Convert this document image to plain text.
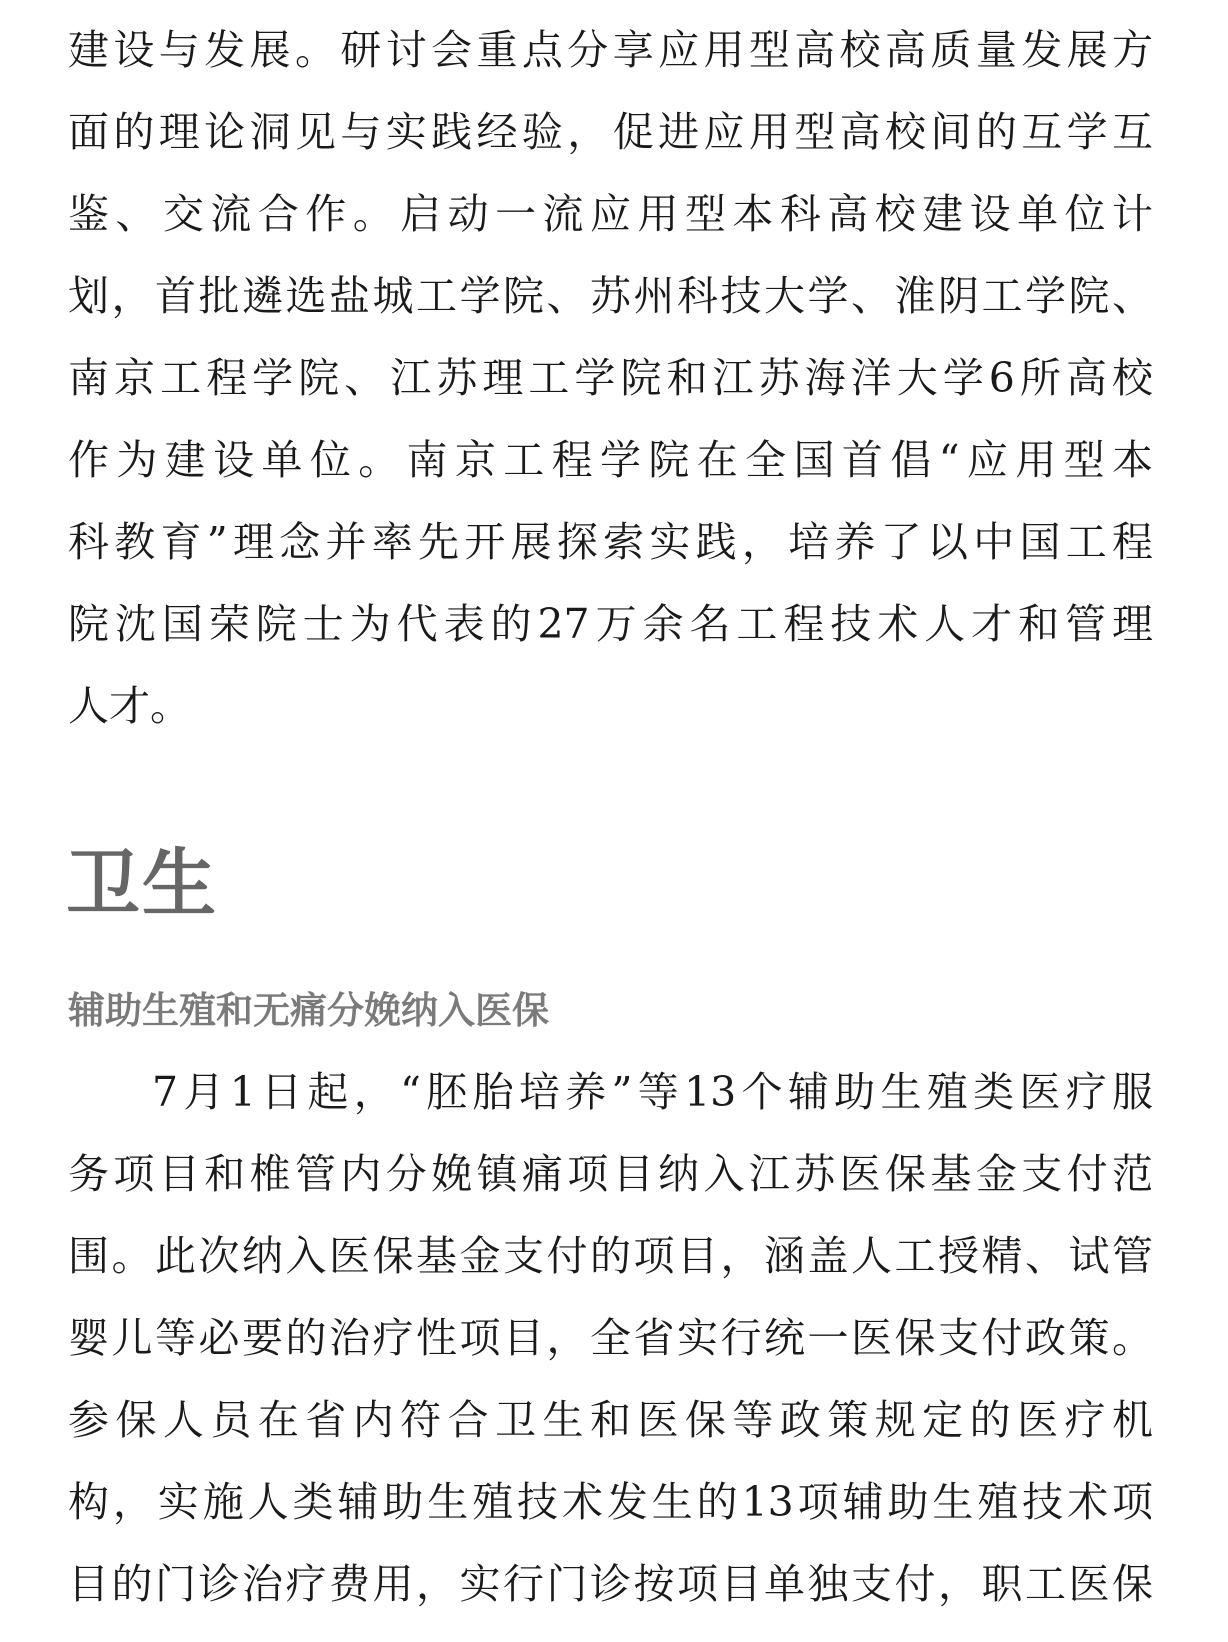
建设与发展。研讨会重点分享应用型高校高质量发展方
面的理论洞见与实践经验，促进应用型高校间的互学互
鉴、交流合作。启动一流应用型本科高校建设单位计
划，首批遴选盐城工学院、苏州科技大学、淮阴工学院、
南京工程学院、江苏理工学院和江苏海洋大学6所高校
作为建设单位。南京工程学院在全国首倡“应用型本
科教育”理念并率先开展探索实践，培养了以中国工程
院沈国荣院士为代表的27万余名工程技术人才和管理
人才。
卫生
辅助生殖和无痛分娩纳入医保
7月1日起，“胚胎培养”等13个辅助生殖类医疗服
务项目和椎管内分娩镇痛项目纳入江苏医保基金支付范
围。此次纳入医保基金支付的项目，涵盖人工授精、试管
婴儿等必要的治疗性项目，全省实行统一医保支付政策。
参保人员在省内符合卫生和医保等政策规定的医疗机
构，实施人类辅助生殖技术发生的13项辅助生殖技术项
目的门诊治疗费用，实行门诊按项目单独支付，职工医保
